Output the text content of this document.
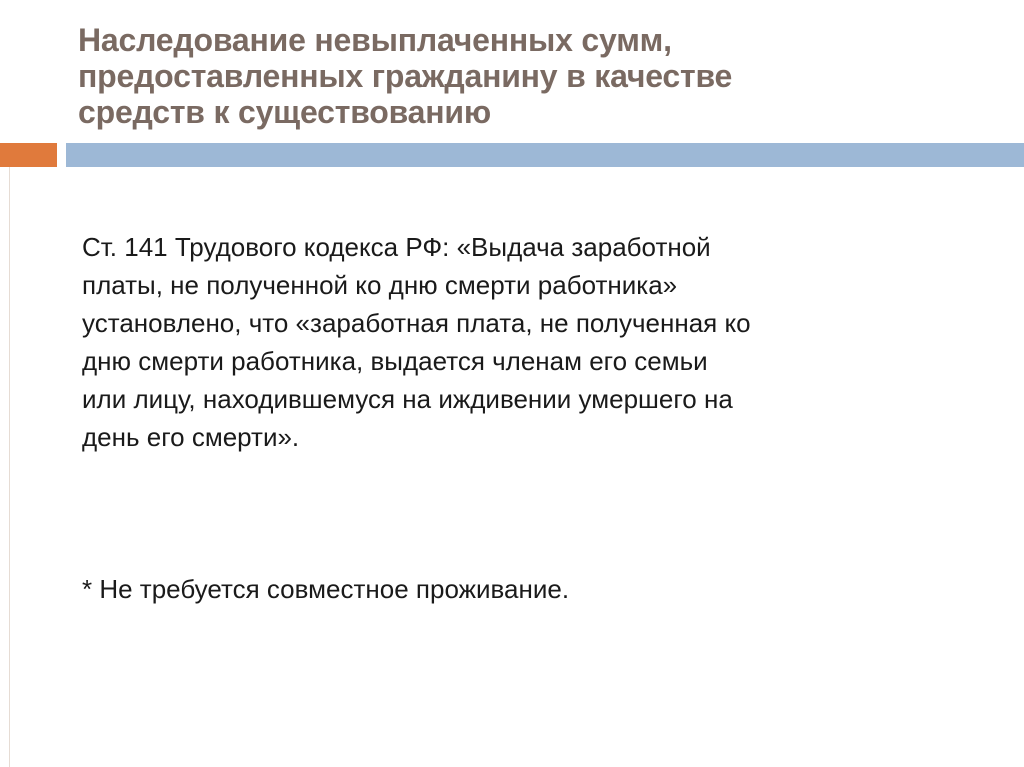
Наследование невыплаченных сумм,
предоставленных гражданину в качестве
средств к существованию
Ст. 141 Трудового кодекса РФ: «Выдача заработной
платы, не полученной ко дню смерти работника»
установлено, что «заработная плата, не полученная ко
дню смерти работника, выдается членам его семьи
или лицу, находившемуся на иждивении умершего на
день его смерти».
* Не требуется совместное проживание.
